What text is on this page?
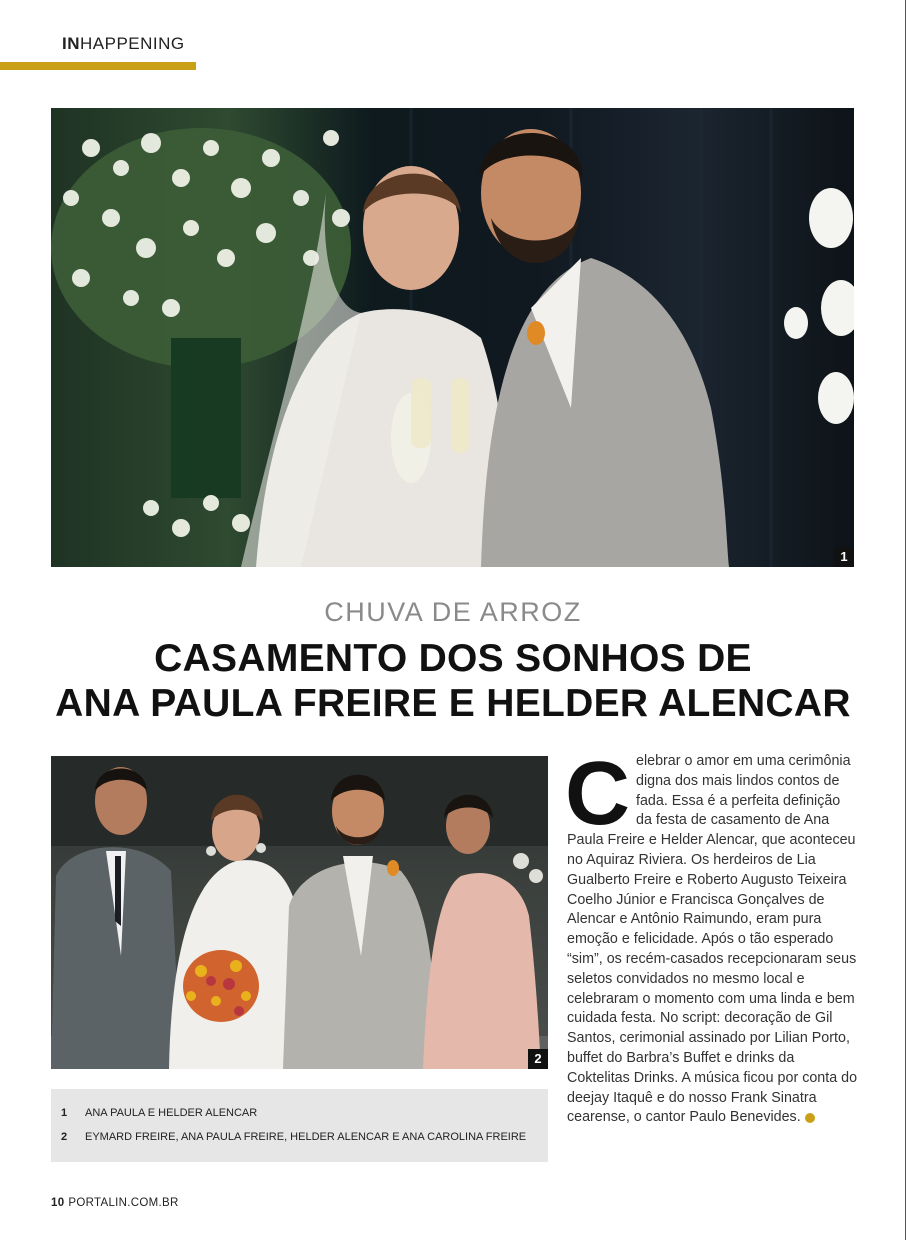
INHAPPENING
1
CHUVA DE ARROZ
CASAMENTO DOS SONHOS DE
ANA PAULA FREIRE E HELDER ALENCAR
2
1 ANA PAULA E HELDER ALENCAR
2 EYMARD FREIRE, ANA PAULA FREIRE, HELDER ALENCAR E ANA CAROLINA FREIRE

Celebrar o amor em uma cerimônia digna dos mais lindos contos de fada. Essa é a perfeita definição da festa de casamento de Ana Paula Freire e Helder Alencar, que aconteceu no Aquiraz Riviera. Os herdeiros de Lia Gualberto Freire e Roberto Augusto Teixeira Coelho Júnior e Francisca Gonçalves de Alencar e Antônio Raimundo, eram pura emoção e felicidade. Após o tão esperado “sim”, os recém-casados recepcionaram seus seletos convidados no mesmo local e celebraram o momento com uma linda e bem cuidada festa. No script: decoração de Gil Santos, cerimonial assinado por Lilian Porto, buffet do Barbra’s Buffet e drinks da Coktelitas Drinks. A música ficou por conta do deejay Itaquê e do nosso Frank Sinatra cearense, o cantor Paulo Benevides.

10 PORTALIN.COM.BR
